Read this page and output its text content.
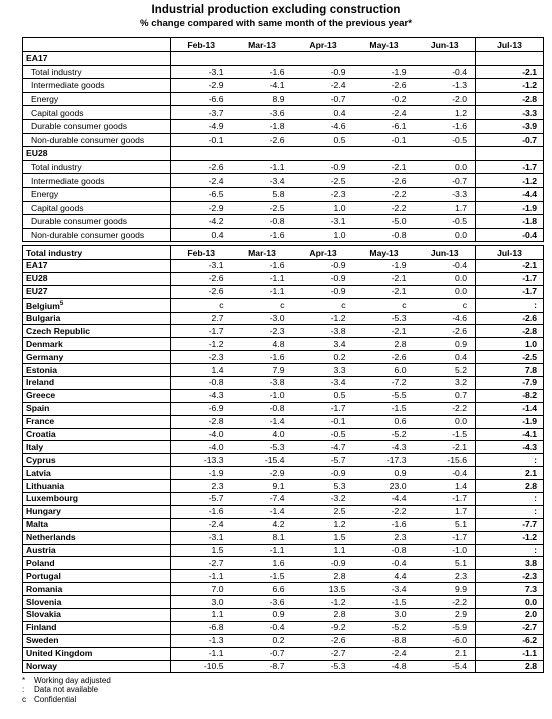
Industrial production excluding construction
% change compared with same month of the previous year*
	Feb-13	Mar-13	Apr-13	May-13	Jun-13	Jul-13
EA17						
Total industry	-3.1	-1.6	-0.9	-1.9	-0.4	-2.1
Intermediate goods	-2.9	-4.1	-2.4	-2.6	-1.3	-1.2
Energy	-6.6	8.9	-0.7	-0.2	-2.0	-2.8
Capital goods	-3.7	-3.6	0.4	-2.4	1.2	-3.3
Durable consumer goods	-4.9	-1.8	-4.6	-6.1	-1.6	-3.9
Non-durable consumer goods	-0.1	-2.6	0.5	-0.1	-0.5	-0.7
EU28						
Total industry	-2.6	-1.1	-0.9	-2.1	0.0	-1.7
Intermediate goods	-2.4	-3.4	-2.5	-2.6	-0.7	-1.2
Energy	-6.5	5.8	-2.3	-2.2	-3.3	-4.4
Capital goods	-2.9	-2.5	1.0	-2.2	1.7	-1.9
Durable consumer goods	-4.2	-0.8	-3.1	-5.0	-0.5	-1.8
Non-durable consumer goods	0.4	-1.6	1.0	-0.8	0.0	-0.4
Total industry	Feb-13	Mar-13	Apr-13	May-13	Jun-13	Jul-13
EA17	-3.1	-1.6	-0.9	-1.9	-0.4	-2.1
EU28	-2.6	-1.1	-0.9	-2.1	0.0	-1.7
EU27	-2.6	-1.1	-0.9	-2.1	0.0	-1.7
Belgium$^5$	c	c	c	c	c	:
Bulgaria	2.7	-3.0	-1.2	-5.3	-4.6	-2.6
Czech Republic	-1.7	-2.3	-3.8	-2.1	-2.6	-2.8
Denmark	-1.2	4.8	3.4	2.8	0.9	1.0
Germany	-2.3	-1.6	0.2	-2.6	0.4	-2.5
Estonia	1.4	7.9	3.3	6.0	5.2	7.8
Ireland	-0.8	-3.8	-3.4	-7.2	3.2	-7.9
Greece	-4.3	-1.0	0.5	-5.5	0.7	-8.2
Spain	-6.9	-0.8	-1.7	-1.5	-2.2	-1.4
France	-2.8	-1.4	-0.1	0.6	0.0	-1.9
Croatia	-4.0	4.0	-0.5	-5.2	-1.5	-4.1
Italy	-4.0	-5.3	-4.7	-4.3	-2.1	-4.3
Cyprus	-13.3	-15.4	-5.7	-17.3	-15.6	:
Latvia	-1.9	-2.9	-0.9	0.9	-0.4	2.1
Lithuania	2.3	9.1	5.3	23.0	1.4	2.8
Luxembourg	-5.7	-7.4	-3.2	-4.4	-1.7	:
Hungary	-1.6	-1.4	2.5	-2.2	1.7	:
Malta	-2.4	4.2	1.2	-1.6	5.1	-7.7
Netherlands	-3.1	8.1	1.5	2.3	-1.7	-1.2
Austria	1.5	-1.1	1.1	-0.8	-1.0	:
Poland	-2.7	1.6	-0.9	-0.4	5.1	3.8
Portugal	-1.1	-1.5	2.8	4.4	2.3	-2.3
Romania	7.0	6.6	13.5	-3.4	9.9	7.3
Slovenia	3.0	-3.6	-1.2	-1.5	-2.2	0.0
Slovakia	1.1	0.9	2.8	3.0	2.9	2.0
Finland	-6.8	-0.4	-9.2	-5.2	-5.9	-2.7
Sweden	-1.3	0.2	-2.6	-8.8	-6.0	-6.2
United Kingdom	-1.1	-0.7	-2.7	-2.4	2.1	-1.1
Norway	-10.5	-8.7	-5.3	-4.8	-5.4	2.8
* Working day adjusted
: Data not available
c Confidential
